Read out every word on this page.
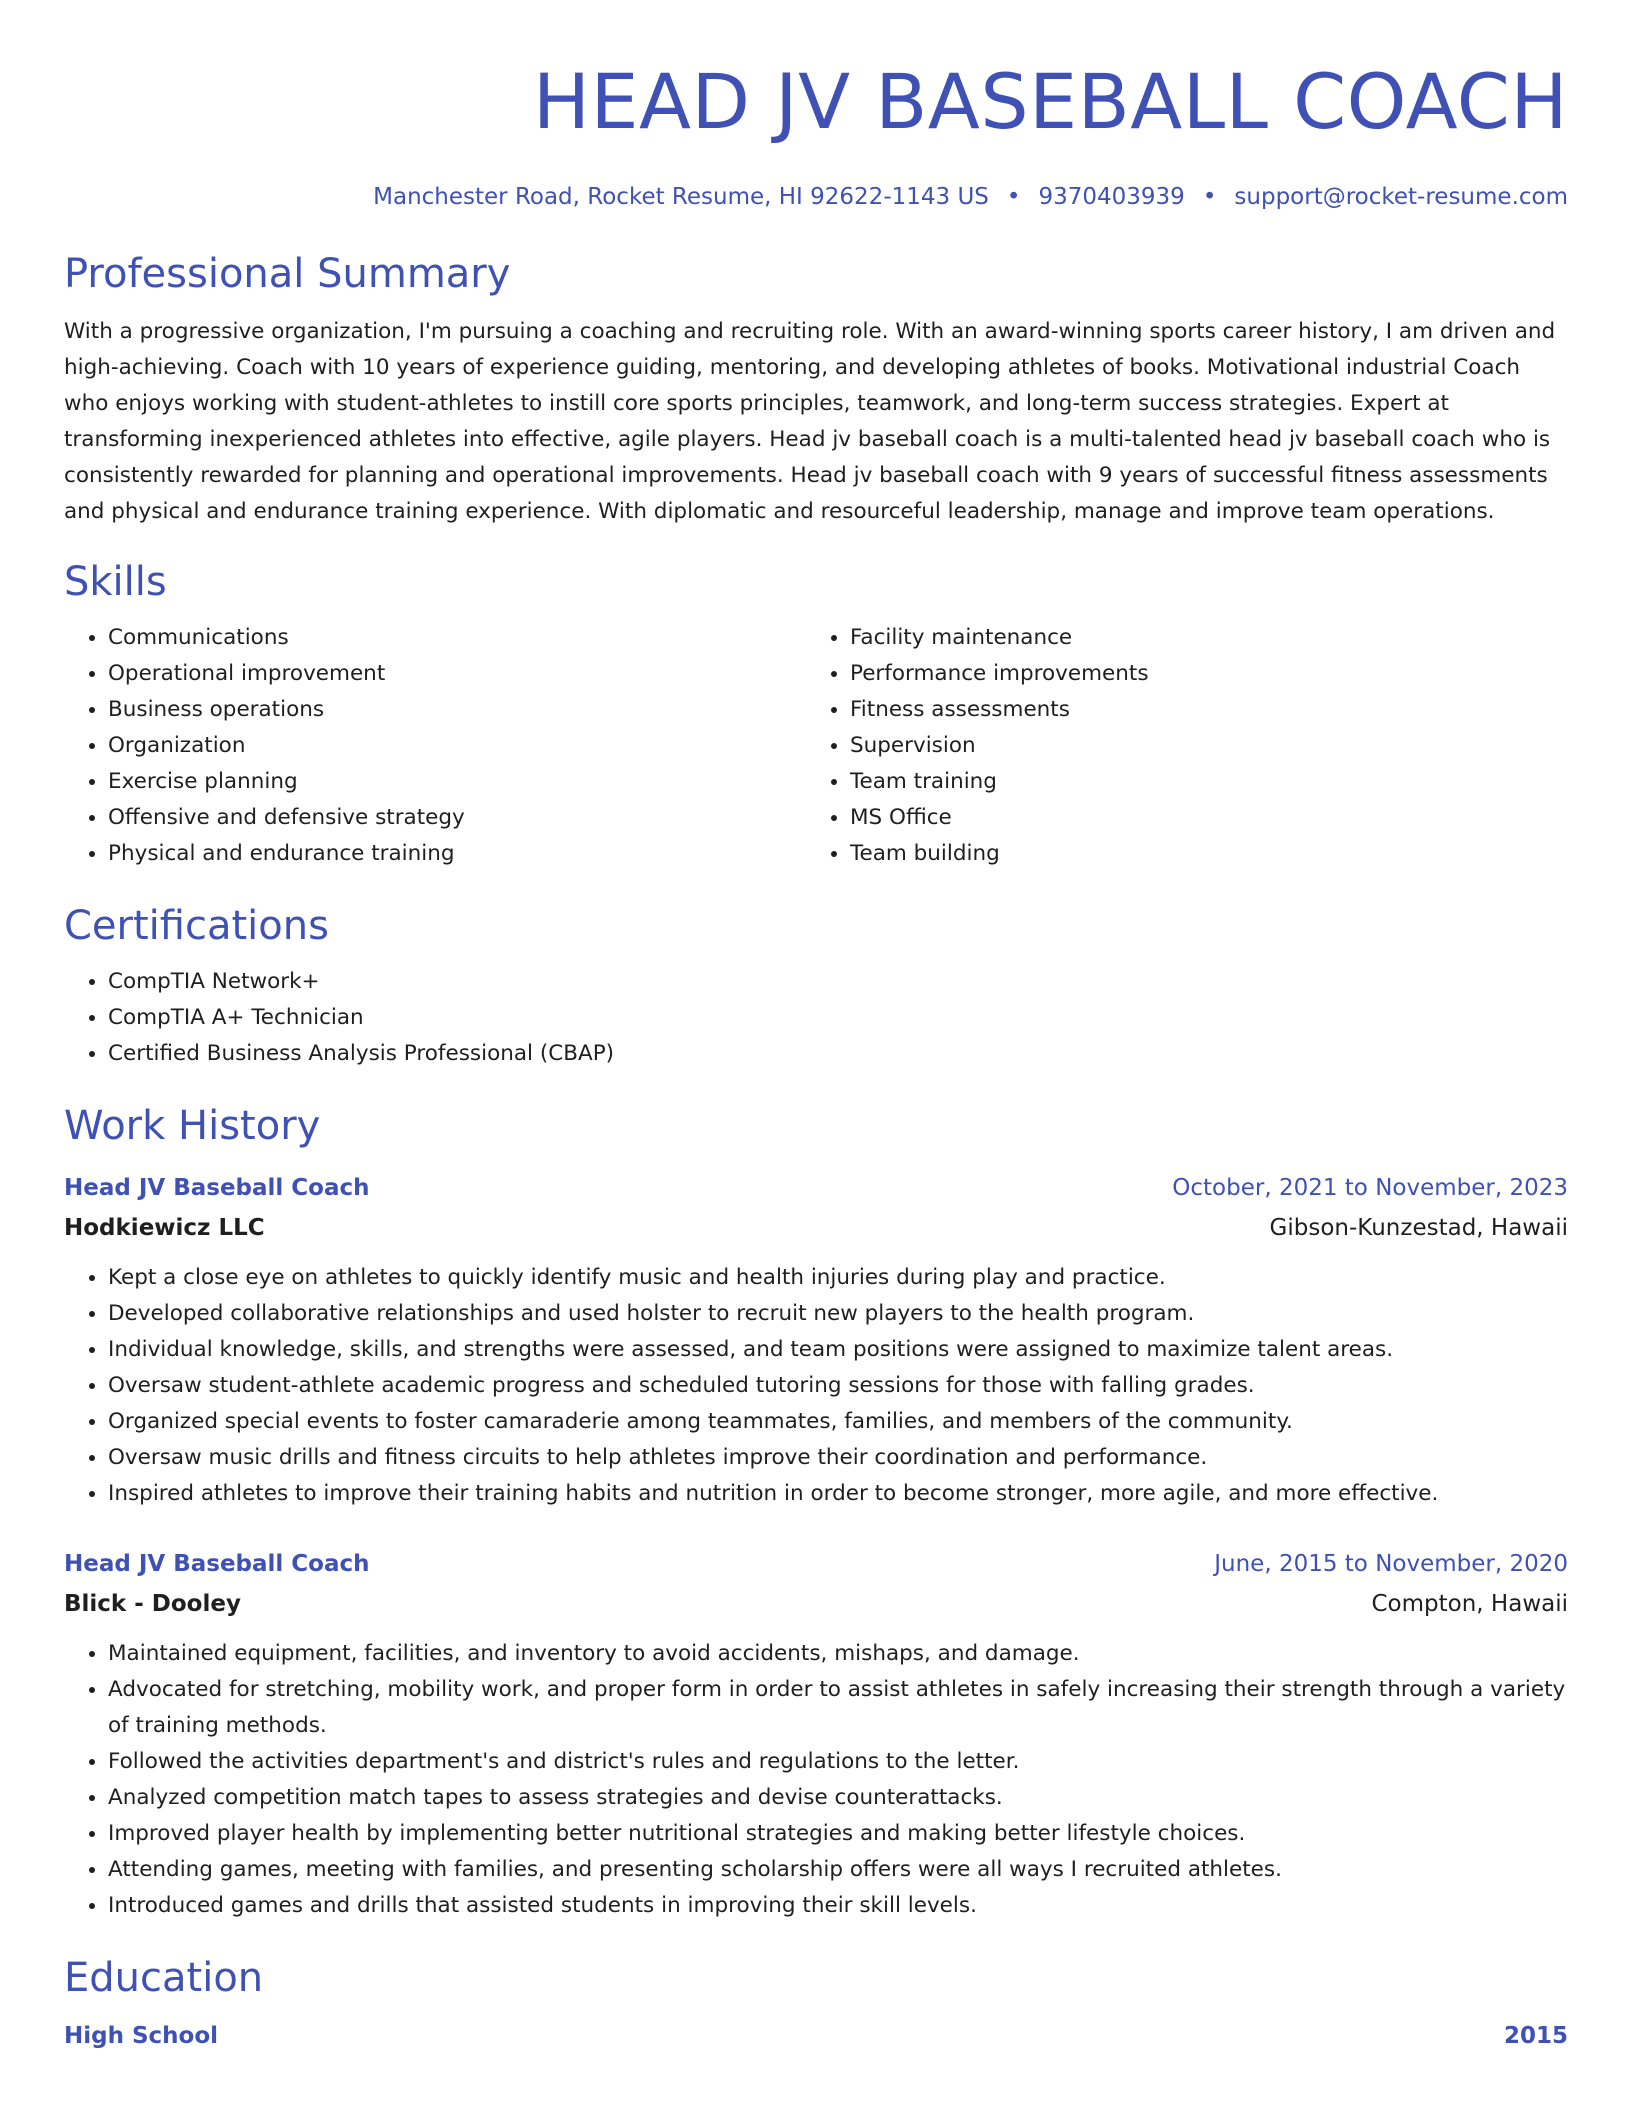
HEAD JV BASEBALL COACH
Manchester Road, Rocket Resume, HI 92622-1143 US • 9370403939 • support@rocket-resume.com
Professional Summary
With a progressive organization, I'm pursuing a coaching and recruiting role. With an award-winning sports career history, I am driven and high-achieving. Coach with 10 years of experience guiding, mentoring, and developing athletes of books. Motivational industrial Coach who enjoys working with student-athletes to instill core sports principles, teamwork, and long-term success strategies. Expert at transforming inexperienced athletes into effective, agile players. Head jv baseball coach is a multi-talented head jv baseball coach who is consistently rewarded for planning and operational improvements. Head jv baseball coach with 9 years of successful fitness assessments and physical and endurance training experience. With diplomatic and resourceful leadership, manage and improve team operations.
Skills
• Communications
• Operational improvement
• Business operations
• Organization
• Exercise planning
• Offensive and defensive strategy
• Physical and endurance training
• Facility maintenance
• Performance improvements
• Fitness assessments
• Supervision
• Team training
• MS Office
• Team building
Certifications
• CompTIA Network+
• CompTIA A+ Technician
• Certified Business Analysis Professional (CBAP)
Work History
Head JV Baseball Coach	October, 2021 to November, 2023
Hodkiewicz LLC	Gibson-Kunzestad, Hawaii
• Kept a close eye on athletes to quickly identify music and health injuries during play and practice.
• Developed collaborative relationships and used holster to recruit new players to the health program.
• Individual knowledge, skills, and strengths were assessed, and team positions were assigned to maximize talent areas.
• Oversaw student-athlete academic progress and scheduled tutoring sessions for those with falling grades.
• Organized special events to foster camaraderie among teammates, families, and members of the community.
• Oversaw music drills and fitness circuits to help athletes improve their coordination and performance.
• Inspired athletes to improve their training habits and nutrition in order to become stronger, more agile, and more effective.
Head JV Baseball Coach	June, 2015 to November, 2020
Blick - Dooley	Compton, Hawaii
• Maintained equipment, facilities, and inventory to avoid accidents, mishaps, and damage.
• Advocated for stretching, mobility work, and proper form in order to assist athletes in safely increasing their strength through a variety of training methods.
• Followed the activities department's and district's rules and regulations to the letter.
• Analyzed competition match tapes to assess strategies and devise counterattacks.
• Improved player health by implementing better nutritional strategies and making better lifestyle choices.
• Attending games, meeting with families, and presenting scholarship offers were all ways I recruited athletes.
• Introduced games and drills that assisted students in improving their skill levels.
Education
High School	2015
